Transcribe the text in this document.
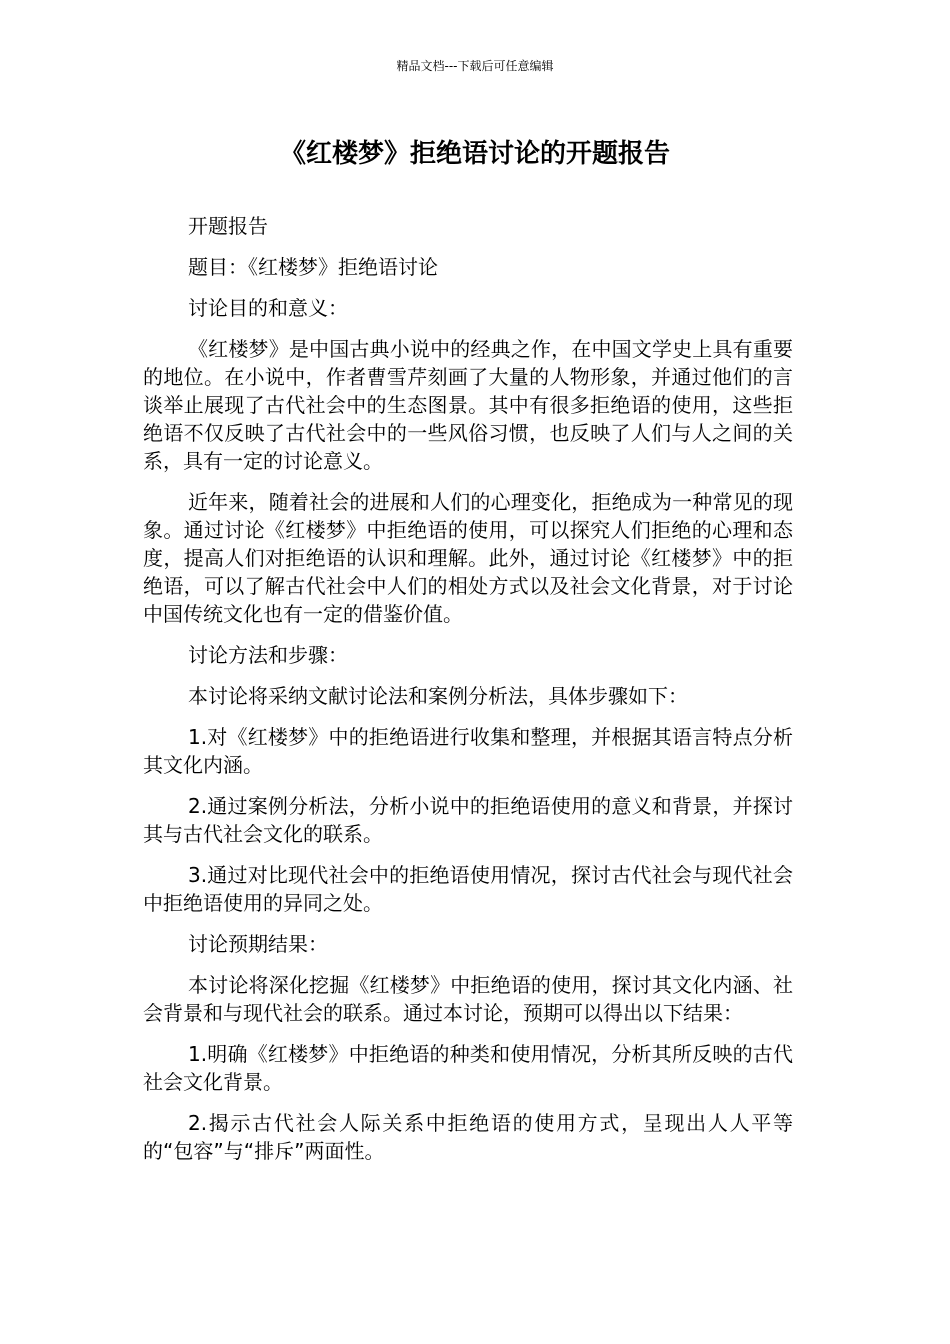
精品文档---下载后可任意编辑
《红楼梦》拒绝语讨论的开题报告

开题报告

题目：《红楼梦》拒绝语讨论

讨论目的和意义：

《红楼梦》是中国古典小说中的经典之作，在中国文学史上具有重要的地位。在小说中，作者曹雪芹刻画了大量的人物形象，并通过他们的言谈举止展现了古代社会中的生态图景。其中有很多拒绝语的使用，这些拒绝语不仅反映了古代社会中的一些风俗习惯，也反映了人们与人之间的关系，具有一定的讨论意义。

近年来，随着社会的进展和人们的心理变化，拒绝成为一种常见的现象。通过讨论《红楼梦》中拒绝语的使用，可以探究人们拒绝的心理和态度，提高人们对拒绝语的认识和理解。此外，通过讨论《红楼梦》中的拒绝语，可以了解古代社会中人们的相处方式以及社会文化背景，对于讨论中国传统文化也有一定的借鉴价值。

讨论方法和步骤：

本讨论将采纳文献讨论法和案例分析法，具体步骤如下：

1.对《红楼梦》中的拒绝语进行收集和整理，并根据其语言特点分析其文化内涵。

2.通过案例分析法，分析小说中的拒绝语使用的意义和背景，并探讨其与古代社会文化的联系。

3.通过对比现代社会中的拒绝语使用情况，探讨古代社会与现代社会中拒绝语使用的异同之处。

讨论预期结果：

本讨论将深化挖掘《红楼梦》中拒绝语的使用，探讨其文化内涵、社会背景和与现代社会的联系。通过本讨论，预期可以得出以下结果：

1.明确《红楼梦》中拒绝语的种类和使用情况，分析其所反映的古代社会文化背景。

2.揭示古代社会人际关系中拒绝语的使用方式，呈现出人人平等的“包容”与“排斥”两面性。
